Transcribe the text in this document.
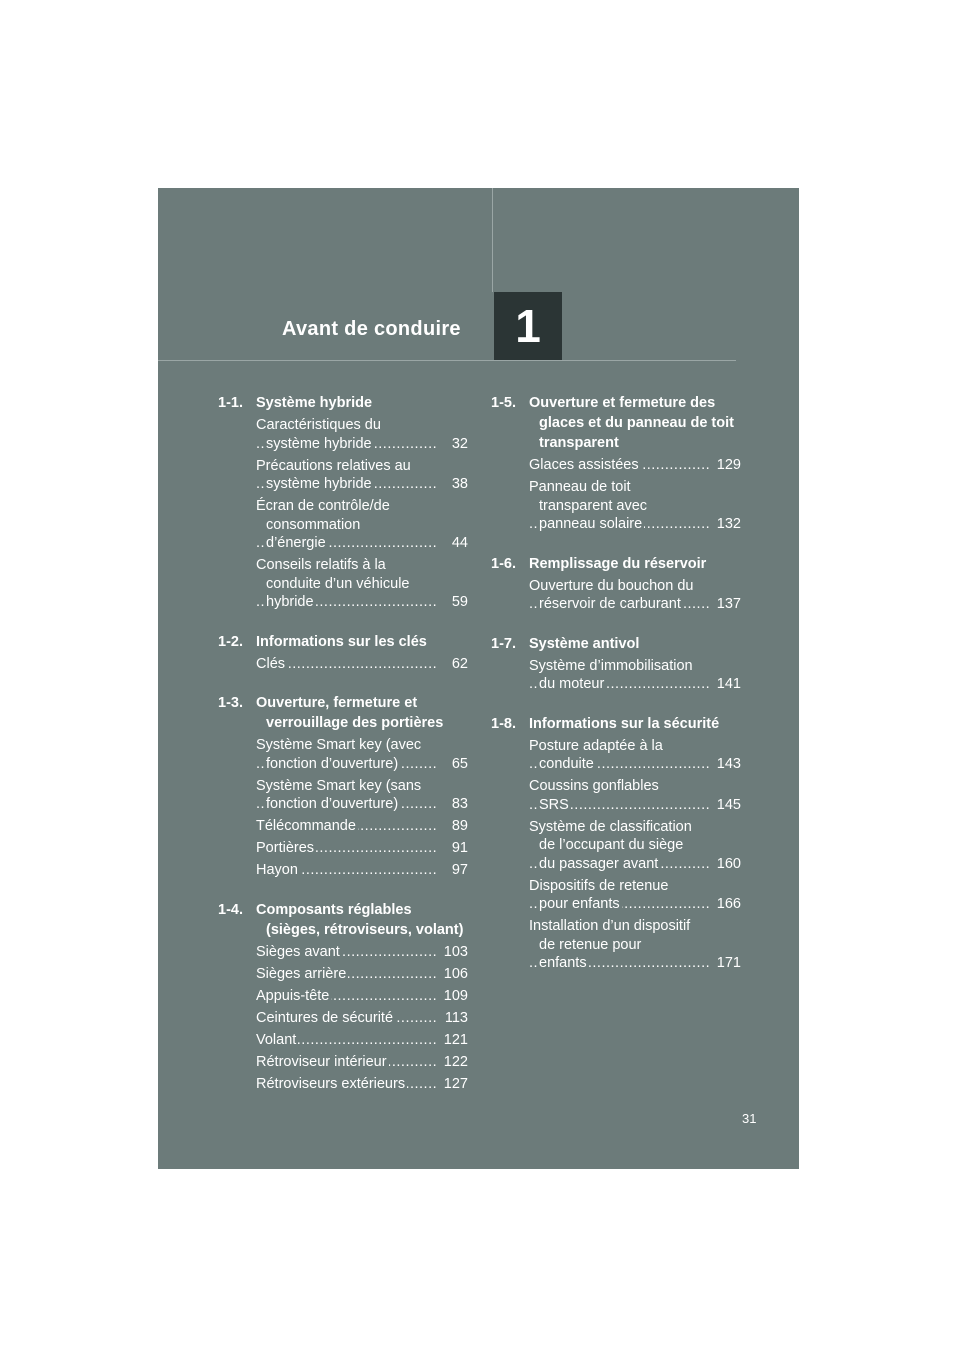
Avant de conduire	1
1-1. Système hybride
Caractéristiques du
système hybride .....	32
Précautions relatives au
système hybride .....	38
Écran de contrôle/de
consommation
d’énergie .....	44
Conseils relatifs à la
conduite d’un véhicule
hybride .....	59
1-2. Informations sur les clés
Clés .....	62
1-3. Ouverture, fermeture et verrouillage des portières
Système Smart key (avec
fonction d’ouverture) .....	65
Système Smart key (sans
fonction d’ouverture) .....	83
Télécommande .....	89
Portières .....	91
Hayon .....	97
1-4. Composants réglables (sièges, rétroviseurs, volant)
Sièges avant .....	103
Sièges arrière .....	106
Appuis-tête .....	109
Ceintures de sécurité .....	113
Volant .....	121
Rétroviseur intérieur .....	122
Rétroviseurs extérieurs .....	127
1-5. Ouverture et fermeture des glaces et du panneau de toit transparent
Glaces assistées .....	129
Panneau de toit
transparent avec
panneau solaire .....	132
1-6. Remplissage du réservoir
Ouverture du bouchon du
réservoir de carburant .....	137
1-7. Système antivol
Système d’immobilisation
du moteur .....	141
1-8. Informations sur la sécurité
Posture adaptée à la
conduite .....	143
Coussins gonflables
SRS .....	145
Système de classification
de l’occupant du siège
du passager avant .....	160
Dispositifs de retenue
pour enfants .....	166
Installation d’un dispositif
de retenue pour
enfants .....	171
31
